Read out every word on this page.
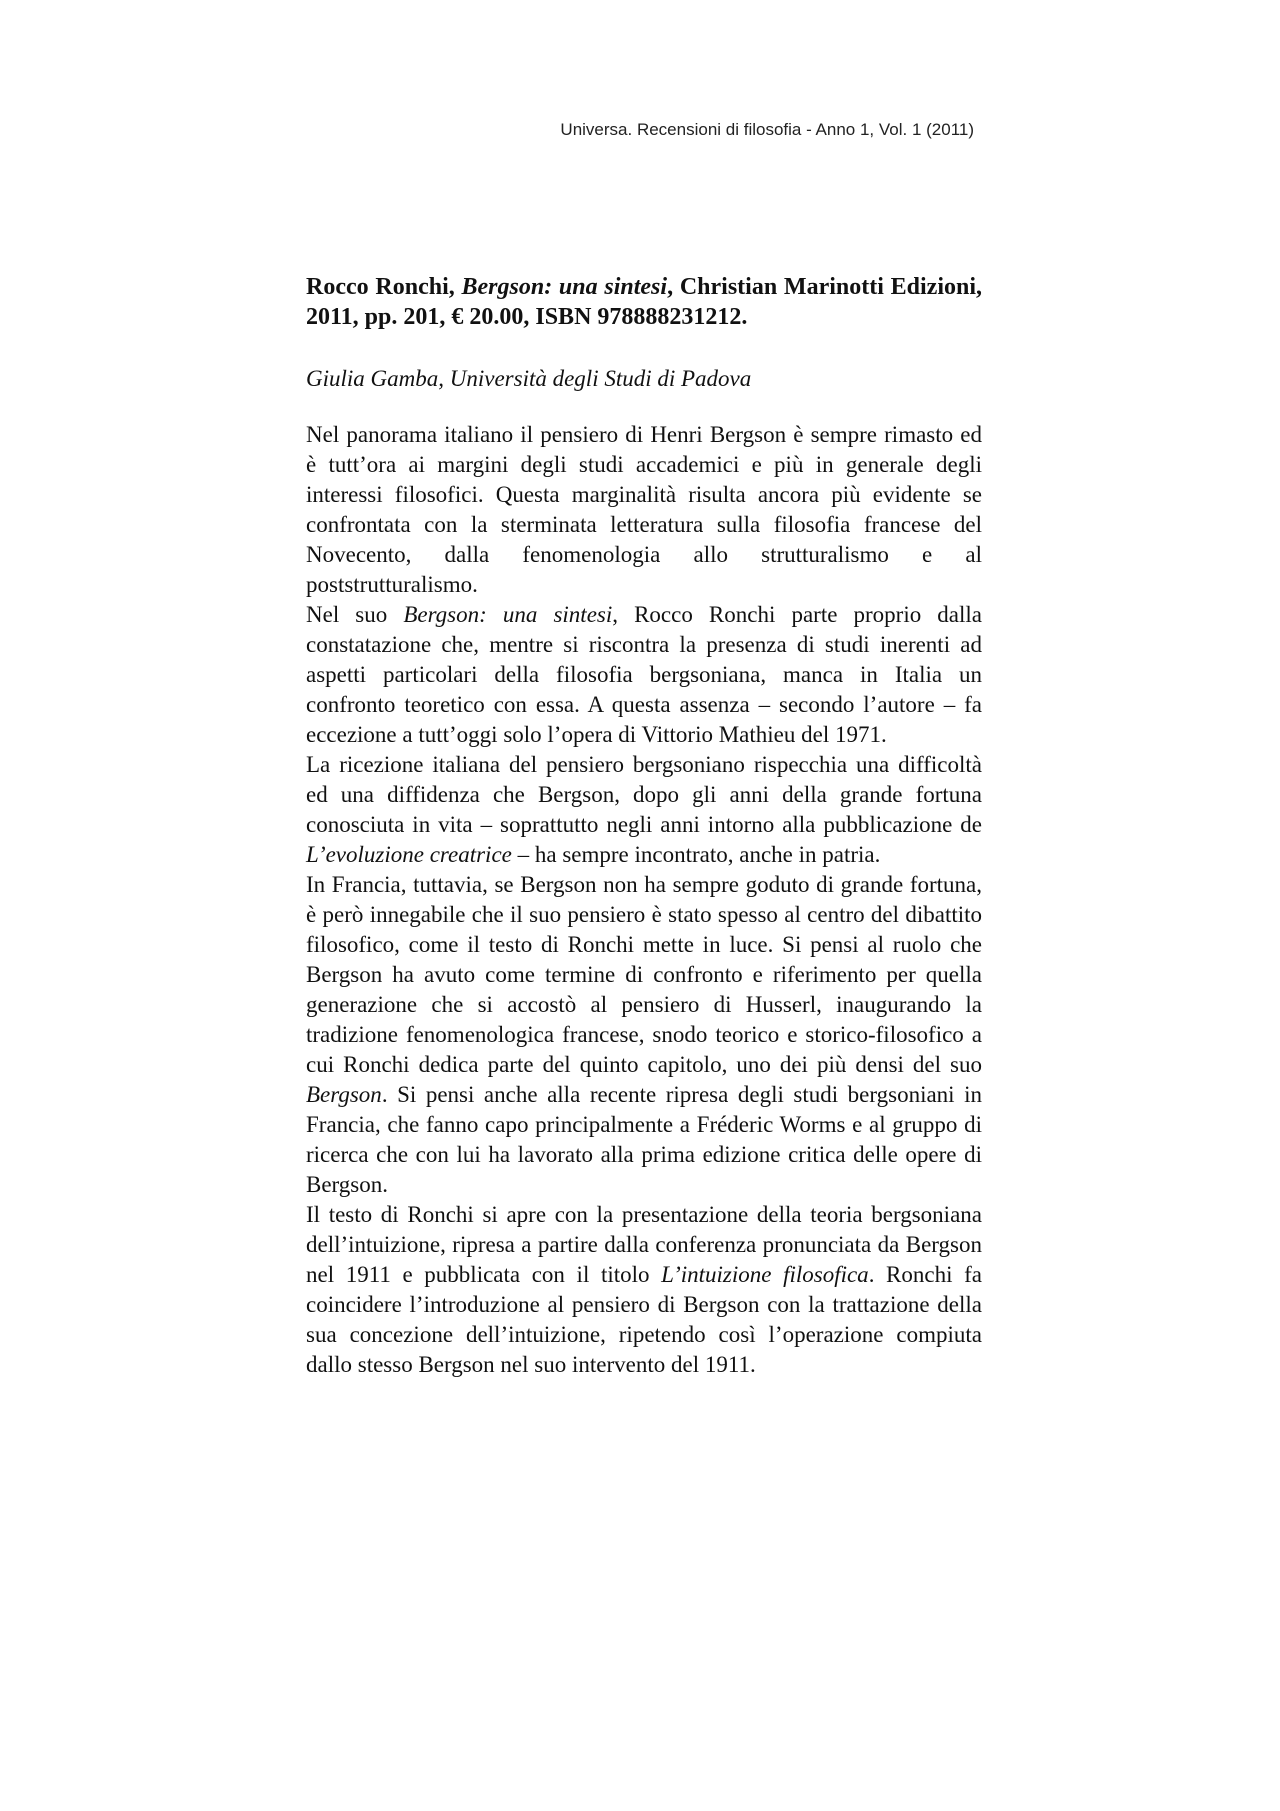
Universa. Recensioni di filosofia - Anno 1, Vol. 1 (2011)

Rocco Ronchi, Bergson: una sintesi, Christian Marinotti Edizioni, 2011, pp. 201, € 20.00, ISBN 978888231212.

Giulia Gamba, Università degli Studi di Padova

Nel panorama italiano il pensiero di Henri Bergson è sempre rimasto ed è tutt’ora ai margini degli studi accademici e più in generale degli interessi filosofici. Questa marginalità risulta ancora più evidente se confrontata con la sterminata letteratura sulla filosofia francese del Novecento, dalla fenomenologia allo strutturalismo e al poststrutturalismo.

Nel suo Bergson: una sintesi, Rocco Ronchi parte proprio dalla constatazione che, mentre si riscontra la presenza di studi inerenti ad aspetti particolari della filosofia bergsoniana, manca in Italia un confronto teoretico con essa. A questa assenza – secondo l’autore – fa eccezione a tutt’oggi solo l’opera di Vittorio Mathieu del 1971.

La ricezione italiana del pensiero bergsoniano rispecchia una difficoltà ed una diffidenza che Bergson, dopo gli anni della grande fortuna conosciuta in vita – soprattutto negli anni intorno alla pubblicazione de L’evoluzione creatrice – ha sempre incontrato, anche in patria.

In Francia, tuttavia, se Bergson non ha sempre goduto di grande fortuna, è però innegabile che il suo pensiero è stato spesso al centro del dibattito filosofico, come il testo di Ronchi mette in luce. Si pensi al ruolo che Bergson ha avuto come termine di confronto e riferimento per quella generazione che si accostò al pensiero di Husserl, inaugurando la tradizione fenomenologica francese, snodo teorico e storico-filosofico a cui Ronchi dedica parte del quinto capitolo, uno dei più densi del suo Bergson. Si pensi anche alla recente ripresa degli studi bergsoniani in Francia, che fanno capo principalmente a Fréderic Worms e al gruppo di ricerca che con lui ha lavorato alla prima edizione critica delle opere di Bergson.

Il testo di Ronchi si apre con la presentazione della teoria bergsoniana dell’intuizione, ripresa a partire dalla conferenza pronunciata da Bergson nel 1911 e pubblicata con il titolo L’intuizione filosofica. Ronchi fa coincidere l’introduzione al pensiero di Bergson con la trattazione della sua concezione dell’intuizione, ripetendo così l’operazione compiuta dallo stesso Bergson nel suo intervento del 1911.
